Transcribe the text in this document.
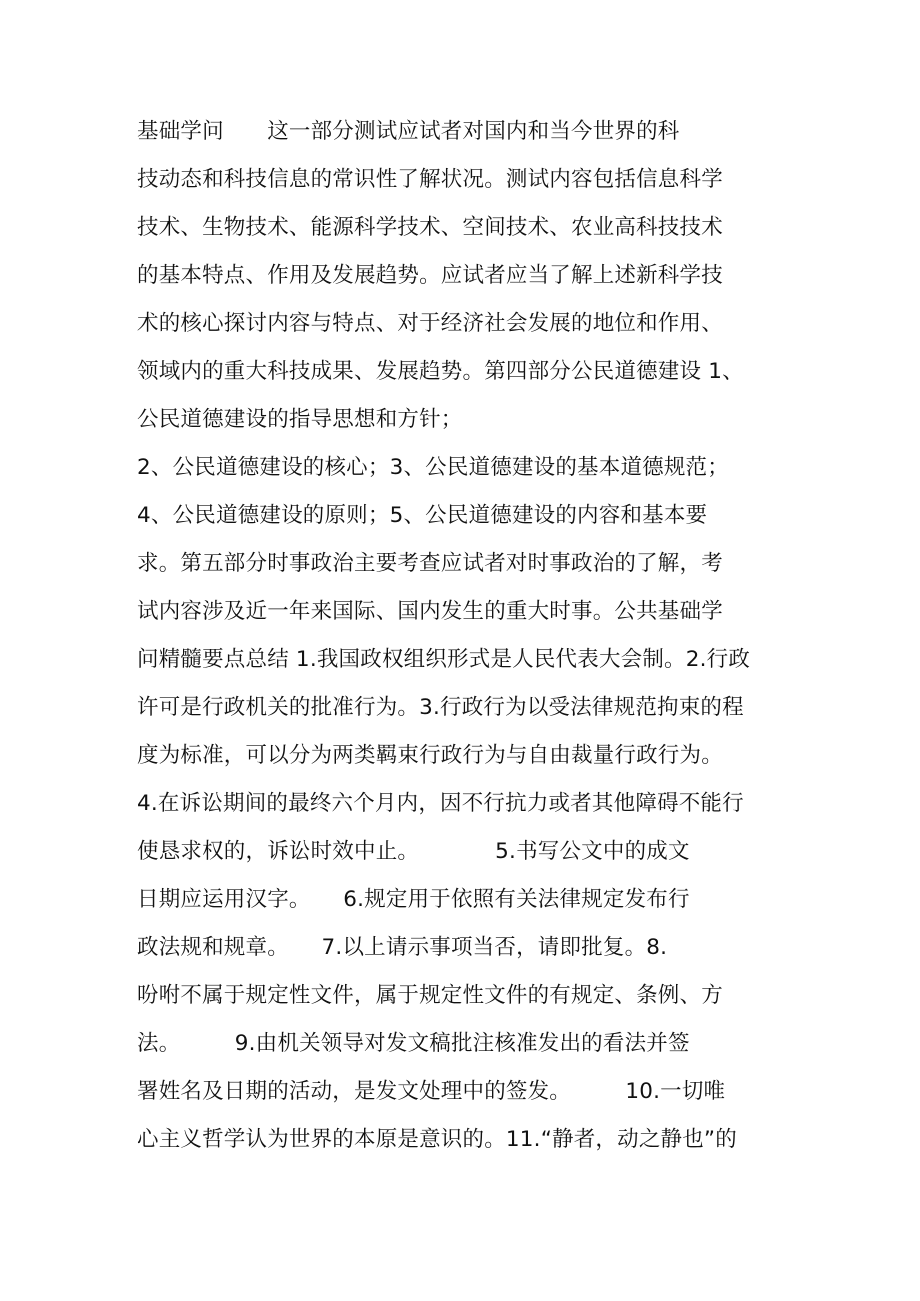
基础学问　　这一部分测试应试者对国内和当今世界的科
技动态和科技信息的常识性了解状况。测试内容包括信息科学
技术、生物技术、能源科学技术、空间技术、农业高科技技术
的基本特点、作用及发展趋势。应试者应当了解上述新科学技
术的核心探讨内容与特点、对于经济社会发展的地位和作用、
领域内的重大科技成果、发展趋势。第四部分公民道德建设 1、
公民道德建设的指导思想和方针；
2、公民道德建设的核心；3、公民道德建设的基本道德规范；
4、公民道德建设的原则；5、公民道德建设的内容和基本要
求。第五部分时事政治主要考查应试者对时事政治的了解，考
试内容涉及近一年来国际、国内发生的重大时事。公共基础学
问精髓要点总结 1.我国政权组织形式是人民代表大会制。2.行政
许可是行政机关的批准行为。3.行政行为以受法律规范拘束的程
度为标准，可以分为两类羁束行政行为与自由裁量行政行为。
4.在诉讼期间的最终六个月内，因不行抗力或者其他障碍不能行
使恳求权的，诉讼时效中止。　　　　5.书写公文中的成文
日期应运用汉字。　　6.规定用于依照有关法律规定发布行
政法规和规章。　　7.以上请示事项当否，请即批复。8.
吩咐不属于规定性文件，属于规定性文件的有规定、条例、方
法。　　　9.由机关领导对发文稿批注核准发出的看法并签
署姓名及日期的活动，是发文处理中的签发。　　　10.一切唯
心主义哲学认为世界的本原是意识的。11.“静者，动之静也”的
